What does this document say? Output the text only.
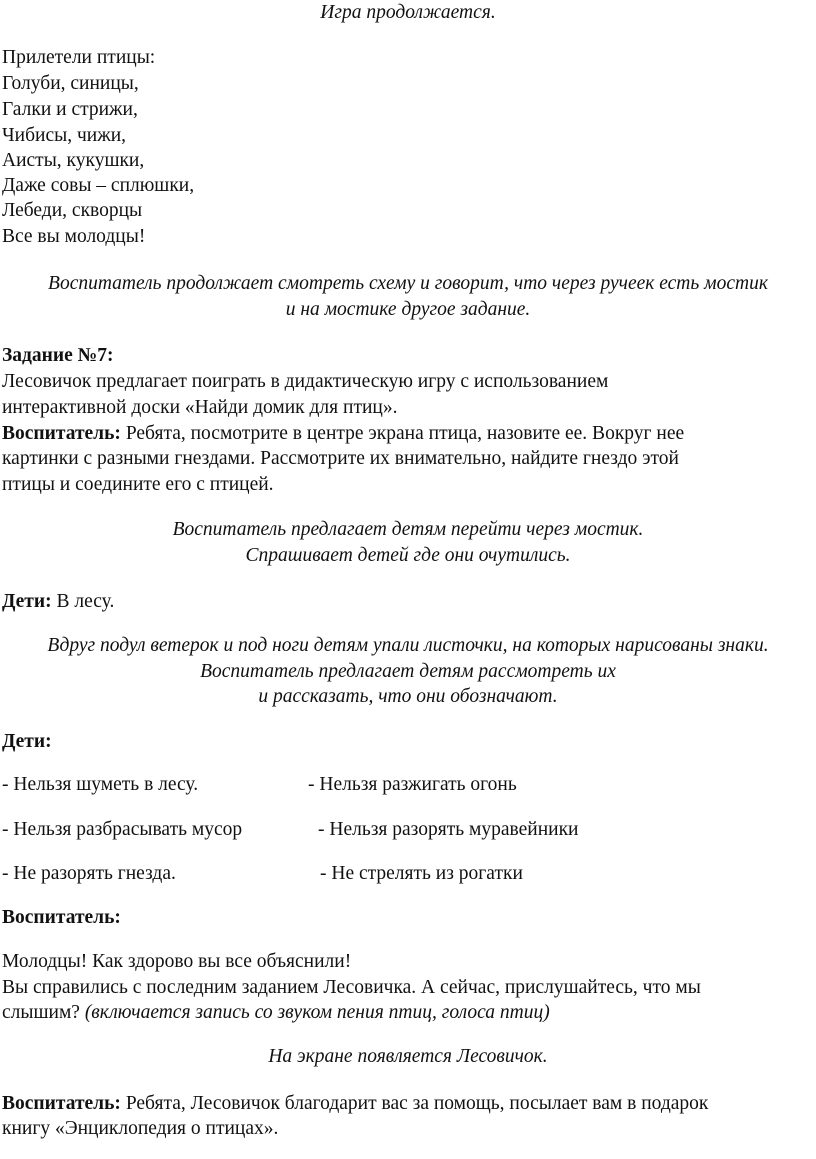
Игра продолжается.
Прилетели птицы:
Голуби, синицы,
Галки и стрижи,
Чибисы, чижи,
Аисты, кукушки,
Даже совы – сплюшки,
Лебеди, скворцы
Все вы молодцы!
Воспитатель продолжает смотреть схему и говорит, что через ручеек есть мостик
и на мостике другое задание.
Задание №7:
Лесовичок предлагает поиграть в дидактическую игру с использованием
интерактивной доски «Найди домик для птиц».
Воспитатель: Ребята, посмотрите в центре экрана птица, назовите ее. Вокруг нее
картинки с разными гнездами. Рассмотрите их внимательно, найдите гнездо этой
птицы и соедините его с птицей.
Воспитатель предлагает детям перейти через мостик.
Спрашивает детей где они очутились.
Дети: В лесу.
Вдруг подул ветерок и под ноги детям упали листочки, на которых нарисованы знаки.
Воспитатель предлагает детям рассмотреть их
и рассказать, что они обозначают.
Дети:
- Нельзя шуметь в лесу.	- Нельзя разжигать огонь
- Нельзя разбрасывать мусор	- Нельзя разорять муравейники
- Не разорять гнезда.	- Не стрелять из рогатки
Воспитатель:
Молодцы! Как здорово вы все объяснили!
Вы справились с последним заданием Лесовичка. А сейчас, прислушайтесь, что мы
слышим? (включается запись со звуком пения птиц, голоса птиц)
На экране появляется Лесовичок.
Воспитатель: Ребята, Лесовичок благодарит вас за помощь, посылает вам в подарок
книгу «Энциклопедия о птицах».
